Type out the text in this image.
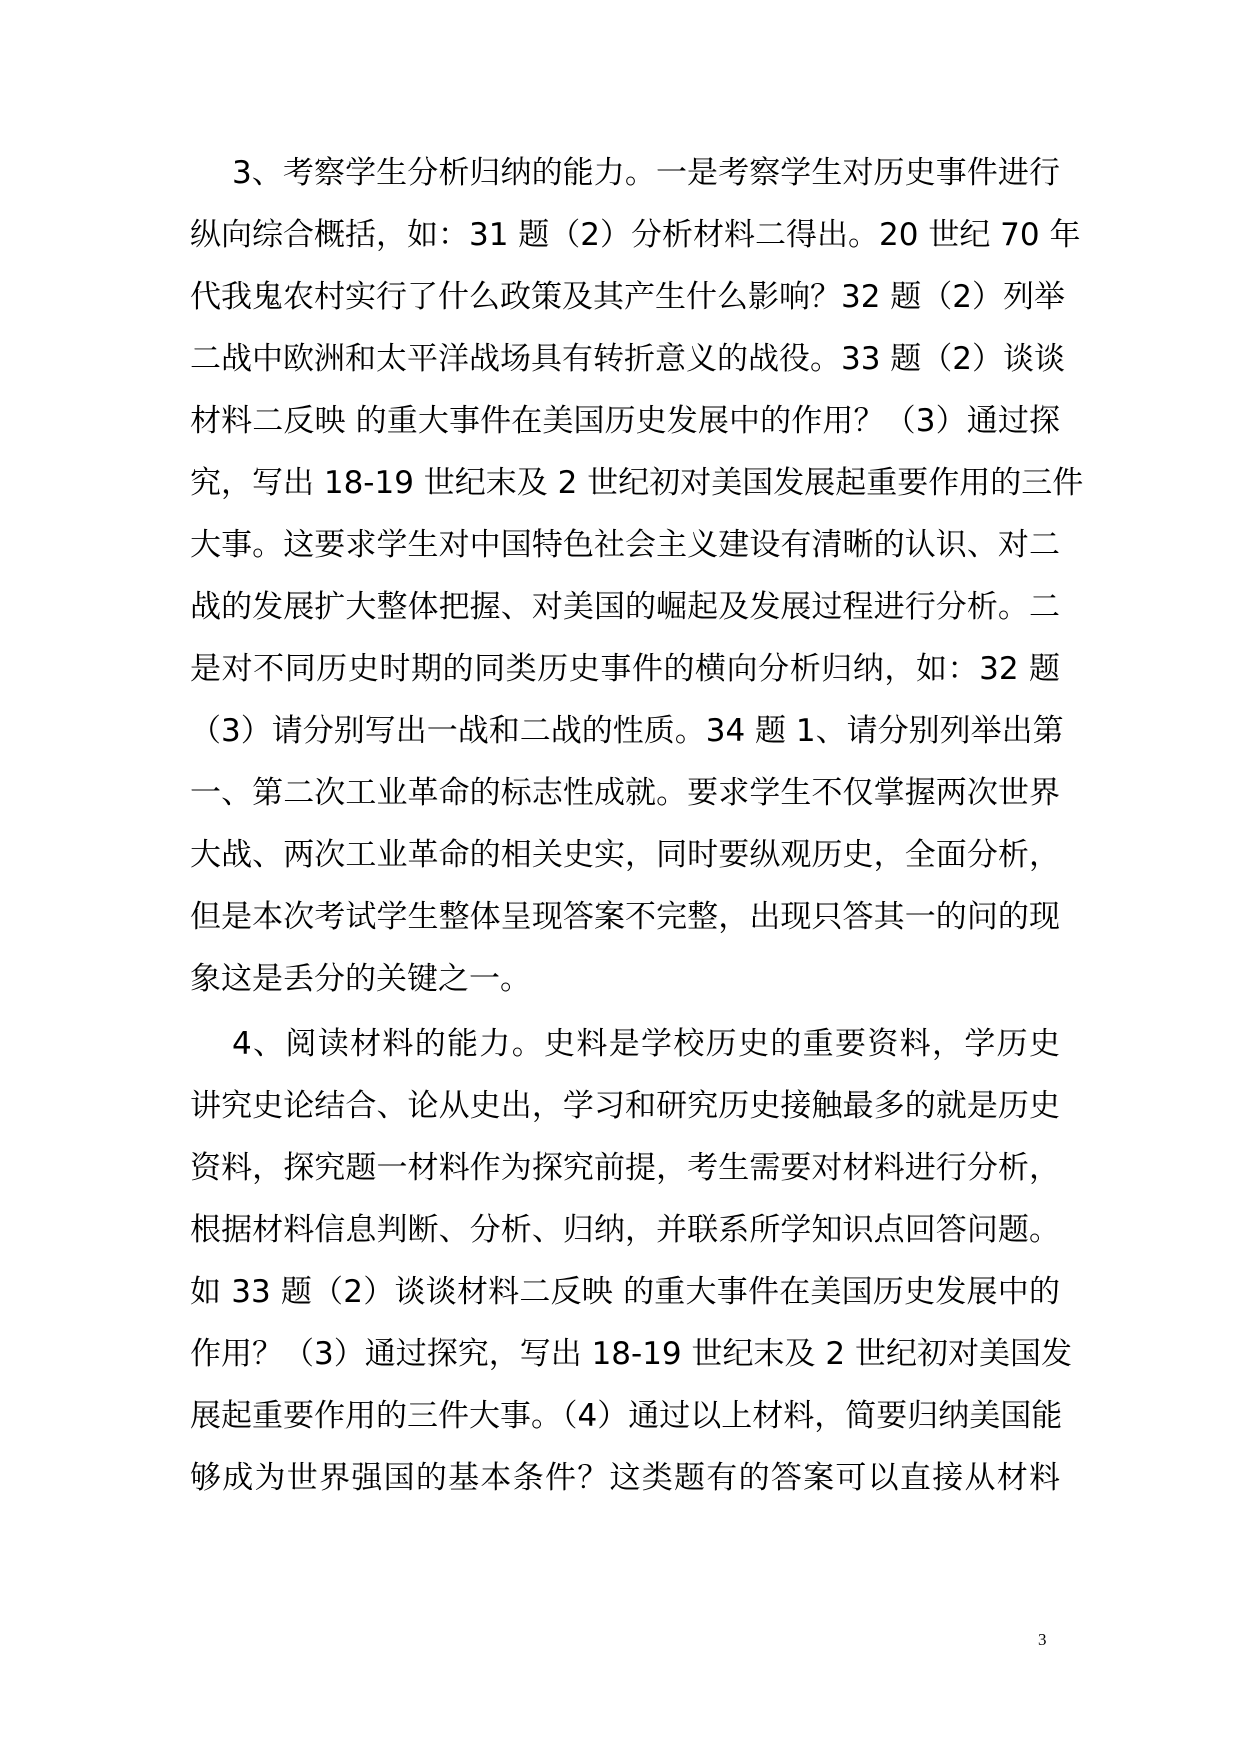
3、考察学生分析归纳的能力。一是考察学生对历史事件进行
纵向综合概括，如：31 题（2）分析材料二得出。20 世纪 70 年
代我鬼农村实行了什么政策及其产生什么影响？32 题（2）列举
二战中欧洲和太平洋战场具有转折意义的战役。33 题（2）谈谈
材料二反映 的重大事件在美国历史发展中的作用？（3）通过探
究，写出 18-19 世纪末及 2 世纪初对美国发展起重要作用的三件
大事。这要求学生对中国特色社会主义建设有清晰的认识、对二
战的发展扩大整体把握、对美国的崛起及发展过程进行分析。二
是对不同历史时期的同类历史事件的横向分析归纳，如：32 题
（3）请分别写出一战和二战的性质。34 题 1、请分别列举出第
一、第二次工业革命的标志性成就。要求学生不仅掌握两次世界
大战、两次工业革命的相关史实，同时要纵观历史，全面分析，
但是本次考试学生整体呈现答案不完整，出现只答其一的问的现
象这是丢分的关键之一。
4、阅读材料的能力。史料是学校历史的重要资料，学历史
讲究史论结合、论从史出，学习和研究历史接触最多的就是历史
资料，探究题一材料作为探究前提，考生需要对材料进行分析，
根据材料信息判断、分析、归纳，并联系所学知识点回答问题。
如 33 题（2）谈谈材料二反映 的重大事件在美国历史发展中的
作用？（3）通过探究，写出 18-19 世纪末及 2 世纪初对美国发
展起重要作用的三件大事。（4）通过以上材料，简要归纳美国能
够成为世界强国的基本条件？这类题有的答案可以直接从材料
3
